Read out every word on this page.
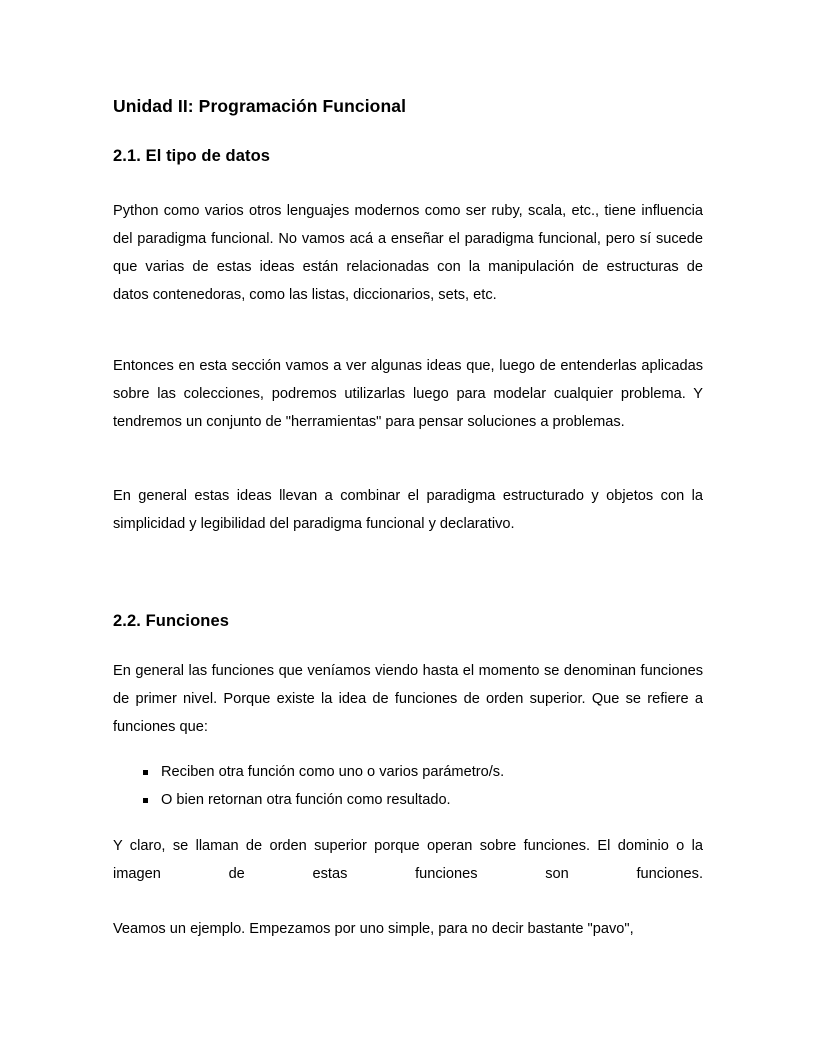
Unidad II: Programación Funcional
2.1. El tipo de datos

Python como varios otros lenguajes modernos como ser ruby, scala, etc., tiene influencia del paradigma funcional. No vamos acá a enseñar el paradigma funcional, pero sí sucede que varias de estas ideas están relacionadas con la manipulación de estructuras de datos contenedoras, como las listas, diccionarios, sets, etc.

Entonces en esta sección vamos a ver algunas ideas que, luego de entenderlas aplicadas sobre las colecciones, podremos utilizarlas luego para modelar cualquier problema. Y tendremos un conjunto de "herramientas" para pensar soluciones a problemas.

En general estas ideas llevan a combinar el paradigma estructurado y objetos con la simplicidad y legibilidad del paradigma funcional y declarativo.

2.2. Funciones

En general las funciones que veníamos viendo hasta el momento se denominan funciones de primer nivel. Porque existe la idea de funciones de orden superior. Que se refiere a funciones que:

Reciben otra función como uno o varios parámetro/s.
O bien retornan otra función como resultado.

Y claro, se llaman de orden superior porque operan sobre funciones. El dominio o la imagen de estas funciones son funciones.

Veamos un ejemplo. Empezamos por uno simple, para no decir bastante "pavo",
